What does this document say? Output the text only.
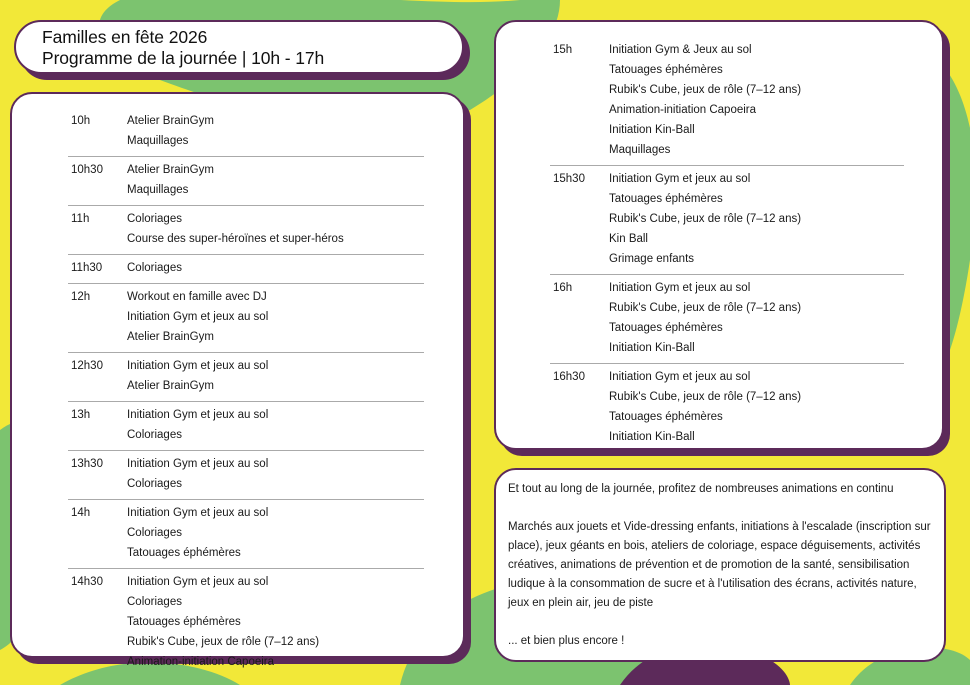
Familles en fête 2026
Programme de la journée | 10h - 17h
10h	Atelier BrainGym
Maquillages
10h30 Atelier BrainGym
Maquillages
11h	Coloriages
Course des super-héroïnes et super-héros
11h30 Coloriages
12h	Workout en famille avec DJ
Initiation Gym et jeux au sol
Atelier BrainGym
12h30 Initiation Gym et jeux au sol
Atelier BrainGym
13h	Initiation Gym et jeux au sol
Coloriages
13h30 Initiation Gym et jeux au sol
Coloriages
14h	Initiation Gym et jeux au sol
Coloriages
Tatouages éphémères
14h30 Initiation Gym et jeux au sol
Coloriages
Tatouages éphémères
Rubik's Cube, jeux de rôle (7–12 ans)
Animation-initiation Capoeira
15h	Initiation Gym & Jeux au sol
Tatouages éphémères
Rubik's Cube, jeux de rôle (7–12 ans)
Animation-initiation Capoeira
Initiation Kin-Ball
Maquillages
15h30 Initiation Gym et jeux au sol
Tatouages éphémères
Rubik's Cube, jeux de rôle (7–12 ans)
Kin Ball
Grimage enfants
16h	Initiation Gym et jeux au sol
Rubik's Cube, jeux de rôle (7–12 ans)
Tatouages éphémères
Initiation Kin-Ball
16h30 Initiation Gym et jeux au sol
Rubik's Cube, jeux de rôle (7–12 ans)
Tatouages éphémères
Initiation Kin-Ball
Et tout au long de la journée, profitez de nombreuses animations en continu
Marchés aux jouets et Vide-dressing enfants, initiations à l'escalade (inscription sur place), jeux géants en bois, ateliers de coloriage, espace déguisements, activités créatives, animations de prévention et de promotion de la santé, sensibilisation ludique à la consommation de sucre et à l'utilisation des écrans, activités nature, jeux en plein air, jeu de piste
... et bien plus encore !
